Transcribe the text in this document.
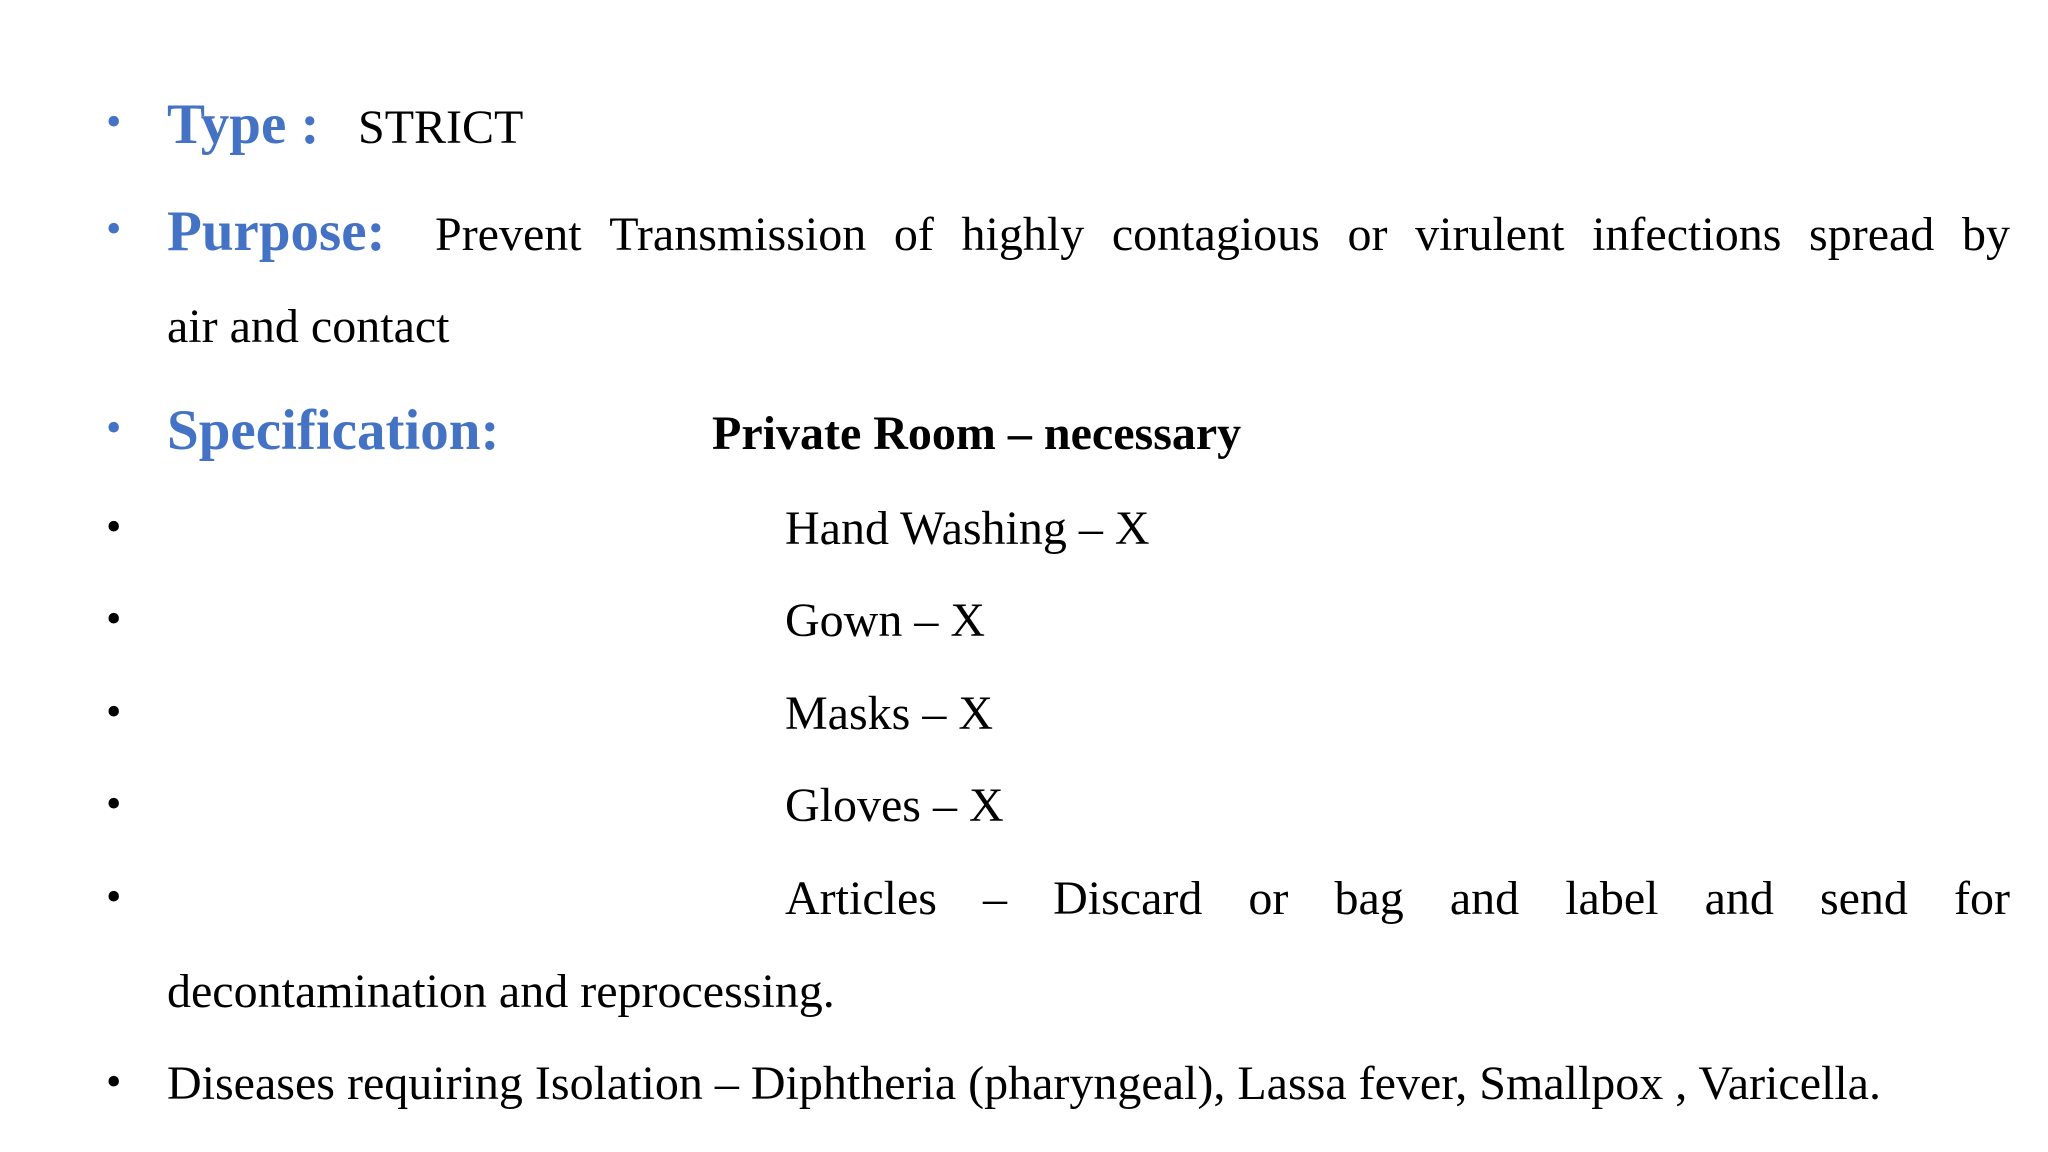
• Type : STRICT
• Purpose: Prevent Transmission of highly contagious or virulent infections spread by
air and contact
• Specification:	Private Room – necessary
•	Hand Washing – X
•	Gown – X
•	Masks – X
•	Gloves – X
•	Articles – Discard or bag and label and send for
decontamination and reprocessing.
• Diseases requiring Isolation – Diphtheria (pharyngeal), Lassa fever, Smallpox , Varicella.
